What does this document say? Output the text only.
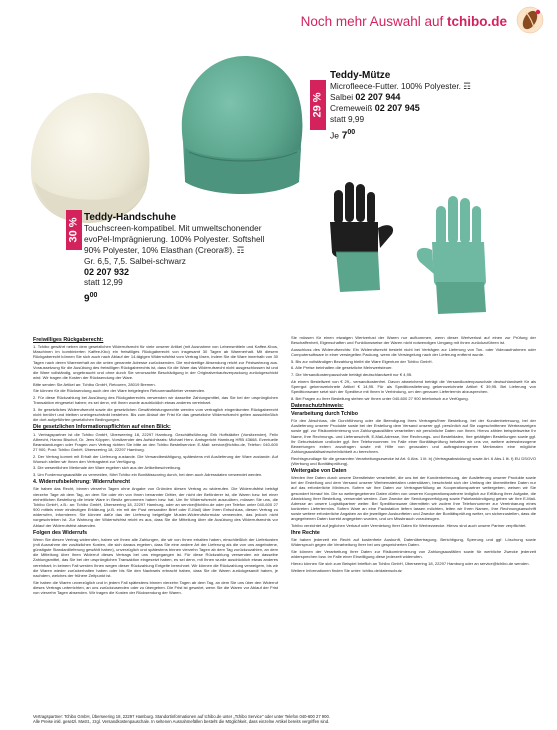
Noch mehr Auswahl auf tchibo.de
29 %
Teddy-Mütze
Microfleece-Futter. 100% Polyester. ☶
Salbei 02 207 944
Cremeweiß 02 207 945
statt 9,99
Je $7^{00}$
30 % Teddy-Handschuhe
Touchscreen-kompatibel. Mit umweltschonender
evoPel-Imprägnierung. 100% Polyester. Softshell
90% Polyester, 10% Elasthan (Creora®). ☶
Gr. 6,5, 7,5. Salbei-schwarz
02 207 932
statt 12,99
$9^{00}$
Freiwilliges Rückgaberecht:

1. Tchibo gewährt neben dem gesetzlichen Widerrufsrecht für viele unserer Artikel (mit Ausnahme von Lebensmitteln und Kaffee-Kbos, Maschinen im kombinierten Kaffee-Kbo) ein freiwilliges Rückgaberecht von insgesamt 30 Tagen ab Warenerhalt. Mit diesem Rückgaberecht können Sie sich auch nach Ablauf der 14-tägigen Widerrufsfrist vom Vertrag lösen, indem Sie die Ware innerhalb von 30 Tagen nach deren Warenerhalt an die unten genannte Adresse zurücksenden. Die rechtzeitige Absendung reicht zur Fristwahrung aus. Voraussetzung für die Ausübung des freiwilligen Rückgaberechts ist, dass für die Ware das Widerrufsrecht nicht ausgeschlossen ist und die Ware vollständig, ungebraucht und ohne durch Sie verursachte Beschädigung in der Originalverkaufsverpackung zurückgeschickt wird. Wir tragen die Kosten der Rücksendung der Ware.

Bitte senden Sie Artikel an: Tchibo GmbH, Retouren, 28019 Bremen.

Sie können für die Rücksendung auch den der Ware beigelegten Retourenaufkleber verwenden.

2. Für diese Rückzahlung bei Ausübung des Rückgaberechts verwenden wir dasselbe Zahlungsmittel, das Sie bei der ursprünglichen Transaktion eingesetzt haben; es sei denn, mit Ihnen wurde ausdrücklich etwas anderes vereinbart.

3. Ihr gesetzliches Widerrufsrecht sowie die gesetzlichen Gewährleistungsrechte werden vom vertraglich eingeräumten Rückgaberecht nicht berührt und bleiben uneingeschränkt bestehen. Bis zum Ablauf der Frist für das gesetzliche Widerrufsrecht gelten ausschließlich die dort aufgeführten gesetzlichen Bedingungen.

Die gesetzlichen Informationspflichten auf einen Blick:

1. Vertragspartner ist die Tchibo GmbH, Überseering 18, 22297 Hamburg. Geschäftsführung: Erik Hoffstädter (Vorsitzender), Felix Albrecht, Hanno Bischof, Dr. Jens Köppen. Vorsitzender des Aufsichtsrats: Michael Herz. Amtsgericht Hamburg HRB 43668. Eventuelle Beanstandungen oder Fragen zum Vertrag richten Sie bitte an den Tchibo Bestellservice: E-Mail: service@tchibo.de, Telefon: 040-600 27 900, Post: Tchibo GmbH, Überseering 18, 22297 Hamburg.

2. Der Vertrag kommt mit Erhalt der Lieferung zustande. Die Versandbestätigung, spätestens mit Auslieferung der Ware zustande. Auf Wunsch stellen wir Ihnen den Vertragstext zur Verfügung.

3. Die wesentlichen Merkmale der Ware ergeben sich aus der Artikelbeschreibung.

3. Um Fordernungsausfälle zu vermeiden, führt Tchibo ein Bonitätsscoring durch, bei dem auch Adressdaten verwendet werden.

4. Widerrufsbelehrung: Widerrufsrecht

Sie haben das Recht, binnen vierzehn Tagen ohne Angabe von Gründen diesen Vertrag zu widerrufen. Die Widerrufsfrist beträgt vierzehn Tage ab dem Tag, an dem Sie oder ein von Ihnen benannter Dritter, der nicht der Beförderer ist, die Waren bzw. bei einer einheitlichen Bestellung die letzte Ware in Besitz genommen haben bzw. hat. Um Ihr Widerrufsrecht auszuüben, müssen Sie uns, die Tchibo GmbH, z.B.: an: Tchibo GmbH, Überseering 18, 22297 Hamburg, oder an service@tchibo.de oder per Telefon unter 040-600 27 900 mittels einer eindeutigen Erklärung (z.B. ein mit der Post versandter Brief oder E-Mail) über Ihren Entschluss, diesen Vertrag zu widerrufen, informieren. Sie können dafür das der Lieferung beigefügte Muster-Widerrufsformular verwenden, das jedoch nicht vorgeschrieben ist. Zur Wahrung der Widerrufsfrist reicht es aus, dass Sie die Mitteilung über die Ausübung des Widerrufsrechts vor Ablauf der Widerrufsfrist absenden.

Folgen des Widerrufs

Wenn Sie diesen Vertrag widerrufen, haben wir Ihnen alle Zahlungen, die wir von Ihnen erhalten haben, einschließlich der Lieferkosten (mit Ausnahme der zusätzlichen Kosten, die sich daraus ergeben, dass Sie eine andere Art der Lieferung als die von uns angebotene, günstigste Standardlieferung gewählt haben), unverzüglich und spätestens binnen vierzehn Tagen ab dem Tag zurückzuzahlen, an dem die Mitteilung über Ihren Widerruf dieses Vertrags bei uns eingegangen ist. Für diese Rückzahlung verwenden wir dasselbe Zahlungsmittel, das Sie bei der ursprünglichen Transaktion eingesetzt haben, es sei denn, mit Ihnen wurde ausdrücklich etwas anderes vereinbart; in keinem Fall werden Ihnen wegen dieser Rückzahlung Entgelte berechnet. Wir können die Rückzahlung verweigern, bis wir die Waren wieder zurückerhalten haben oder bis Sie den Nachweis erbracht haben, dass Sie die Waren zurückgesandt haben, je nachdem, welches der frühere Zeitpunkt ist.

Sie haben die Waren unverzüglich und in jedem Fall spätestens binnen vierzehn Tagen ab dem Tag, an dem Sie uns über den Widerruf dieses Vertrags unterrichten, an uns zurückzusenden oder zu übergeben. Die Frist ist gewahrt, wenn Sie die Waren vor Ablauf der Frist von vierzehn Tagen absenden. Wir tragen die Kosten der Rücksendung der Waren.

Sie müssen für einen etwaigen Wertverlust der Waren nur aufkommen, wenn dieser Wertverlust auf einen zur Prüfung der Beschaffenheit, Eigenschaften und Funktionsweise der Waren nicht notwendigen Umgang mit ihnen zurückzuführen ist.

Ausschluss des Widerrufsrechts: Ein Widerrufsrecht besteht nicht bei Verträgen zur Lieferung von Ton- oder Videoaufnahmen oder Computersoftware in einer versiegelten Packung, wenn die Versiegelung nach der Lieferung entfernt wurde.

5. Bis zur vollständigen Bezahlung bleibt die Ware Eigentum der Tchibo GmbH.

6. Alle Preise beinhalten die gesetzliche Mehrwertsteuer.

7. Die Versandkostenpauschale beträgt deutschlandweit nur € 4,95.

Ab einem Bestellwert von € 29,- versandkostenfrei. Davon abweichend beträgt die Versandkostenpauschale deutschlandweit für als Sperrgut gekennzeichnete Artikel € 14,95. Für als Speditionslieferung gekennzeichnete Artikel € 39,95. Bei Lieferung von Speditionsware setzt sich der Spediteur mit Ihnen in Verbindung, um den genauen Liefertermin abzusprechen.

8. Bei Fragen zu Ihrer Bestellung stehen wir Ihnen unter 040-600 27 900 telefonisch zur Verfügung.

Datenschutzhinweis:
Verarbeitung durch Tchibo

Für den Abschluss, die Durchführung oder die Beendigung Ihres Vertrages/Ihrer Bestellung, bei der Kundenbetreuung, bei der Auslieferung unserer Produkte sowie bei der Erstellung dem Versand unserer ggf. persönlich auf Sie zugeschnittenen Werbeanzeigen sowie ggf. zur Risikominimierung von Zahlungsausfällen verarbeiten wir persönliche Daten von Ihnen. Hierzu zählen beispielsweise Ihr Name, Ihre Rechnungs- und Lieferanschrift, E-Mail-Adresse, Ihre Rechnungs- und Bestelldaten, Ihre getätigten Bestellungen sowie ggf. Ihr Geburtsdatum und/oder ggf. Ihre Telefonnummer. Im Falle einer Bonitätsprüfung behalten wir uns vor, weitere adressbezogene Bewertungen extern anzufragen sowie mit Hilfe von geoscalen und auftragsbezogenen Merkmalen eine mögliche Zahlungsausfallwahrscheinlichkeit zu berechnen.

Rechtsgrundlage für die genannten Verarbeitungszwecke ist Art. 6 Abs. 1 lit. b) (Vertragsabwicklung) sowie Art. 6 Abs.1 lit. f) EU DSGVO (Werbung und Bonitätsprüfung).

Weitergabe von Daten

Werden Ihre Daten durch unsere Dienstleister verarbeitet, die uns bei der Kundenbetreuung, der Auslieferung unserer Produkte sowie bei der Erstellung und dem Versand unserer Werbematerialien unterstützen, beschränkt sich der Umfang der übermittelten Daten nur auf das erforderliche Minimum. Sofern wir Ihre Daten zur Vertragserfüllung an Kooperationspartner weitergeben, weisen wir Sie gesondert hierauf hin. Die so weitergegebenen Daten dürfen von unseren Kooperationspartnern lediglich zur Erfüllung ihrer Aufgabe, die Abwicklung Ihrer Bestellung, verwendet werden. Zum Zwecke der Sendungsverfolgung sowie Paketankündigung geben wir Ihre E-Mail-Adresse an unsere Logistikpartner weiter. Bei Speditionsware übermitteln wir zudem Ihre Telefonnummer zur Vereinbarung eines konkreten Liefertermins. Sofern Ware an eine Packstation liefern lassen möchten, leiten wir Ihren Namen, Ihre Rechnungsanschrift sowie weitere erforderliche Angaben an die jeweiligen Auskunfteien und Zwecke der Bonitätsprüfung weiter, um sicherzustellen, dass die angegebenen Daten korrekt angegeben wurden, und um Missbrauch vorzubeugen.

Tchibo verzichtet auf jeglichen Verkauf oder Vermietung Ihrer Daten für Werbezwecke. Hierzu sind auch unsere Partner verpflichtet.

Ihre Rechte

Sie haben jederzeit ein Recht auf kostenfreie Auskunft, Datenübertragung, Berichtigung, Sperrung und ggf. Löschung sowie Widerspruch gegen die Verarbeitung Ihrer bei uns gespeicherten Daten.

Sie können der Verarbeitung Ihrer Daten zur Risikominimierung von Zahlungsausfällen sowie für werbliche Zwecke jederzeit widersprechen bzw. im Falle einer Einwilligung diese jederzeit widerrufen.

Hierzu können Sie sich zum Beispiel brieflich an Tchibo GmbH, Überseering 18, 22297 Hamburg oder an service@tchibo.de wenden.

Weitere Informationen finden Sie unter: tchibo.de/datenschutz

Vertragspartner: Tchibo GmbH, Überseering 18, 22297 Hamburg. Standortinformationen auf tchibo.de unter „Tchibo Service" oder unter Telefon 040-600 27 900.
Alle Preise inkl. gesetzl. MwSt., zzgl. Versandkostenpauschale. In seltenen Ausnahmefällen besteht die Möglichkeit, dass einzelne Artikel bereits vergriffen sind.
